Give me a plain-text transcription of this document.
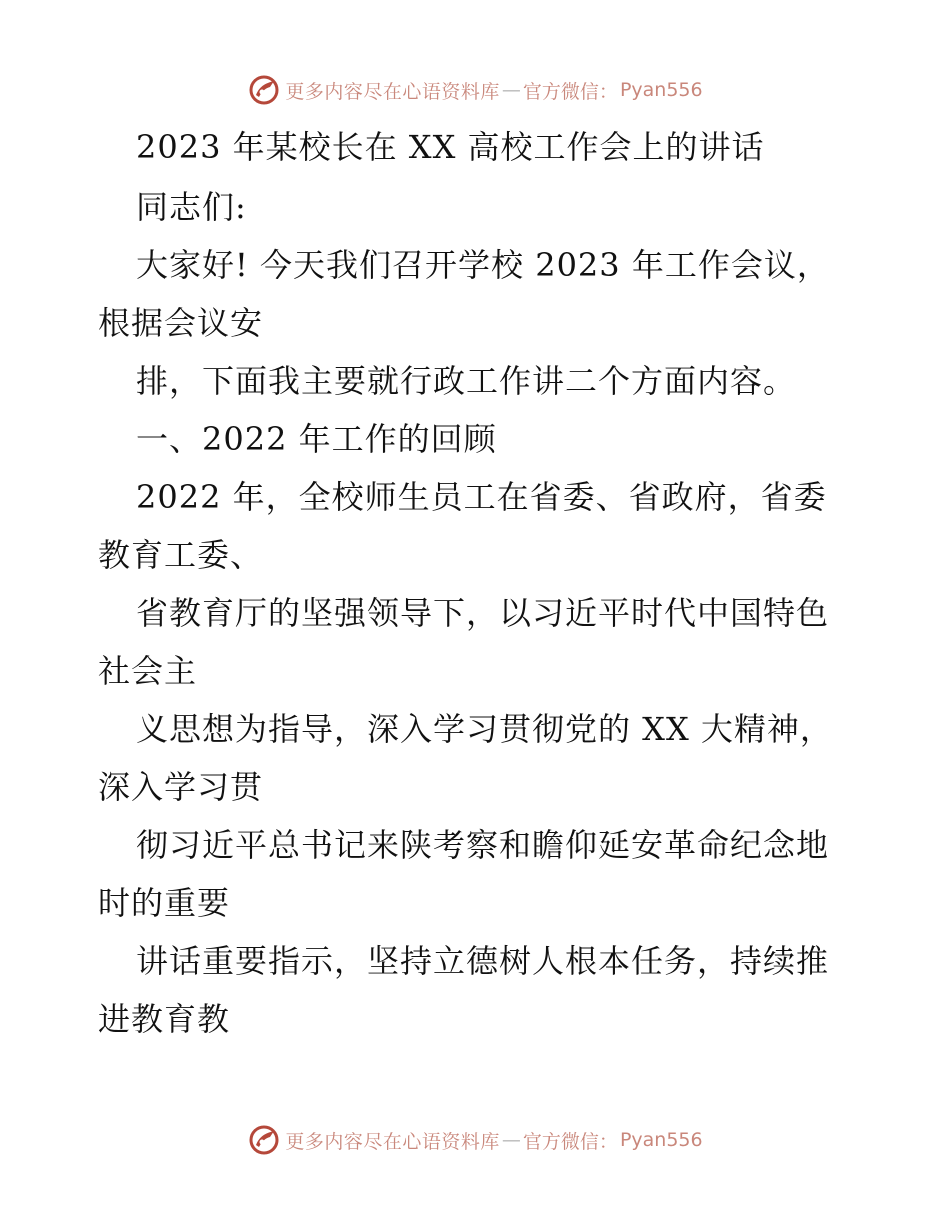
更多内容尽在心语资料库 — 官方微信： Pyan556
2023 年某校长在 XX 高校工作会上的讲话
同志们:
大家好! 今天我们召开学校 2023 年工作会议，
根据会议安
排，下面我主要就行政工作讲二个方面内容。
一、2022 年工作的回顾
2022 年，全校师生员工在省委、省政府，省委
教育工委、
省教育厅的坚强领导下，以习近平时代中国特色
社会主
义思想为指导，深入学习贯彻党的 XX 大精神，
深入学习贯
彻习近平总书记来陕考察和瞻仰延安革命纪念地
时的重要
讲话重要指示，坚持立德树人根本任务，持续推
进教育教
更多内容尽在心语资料库 — 官方微信： Pyan556
